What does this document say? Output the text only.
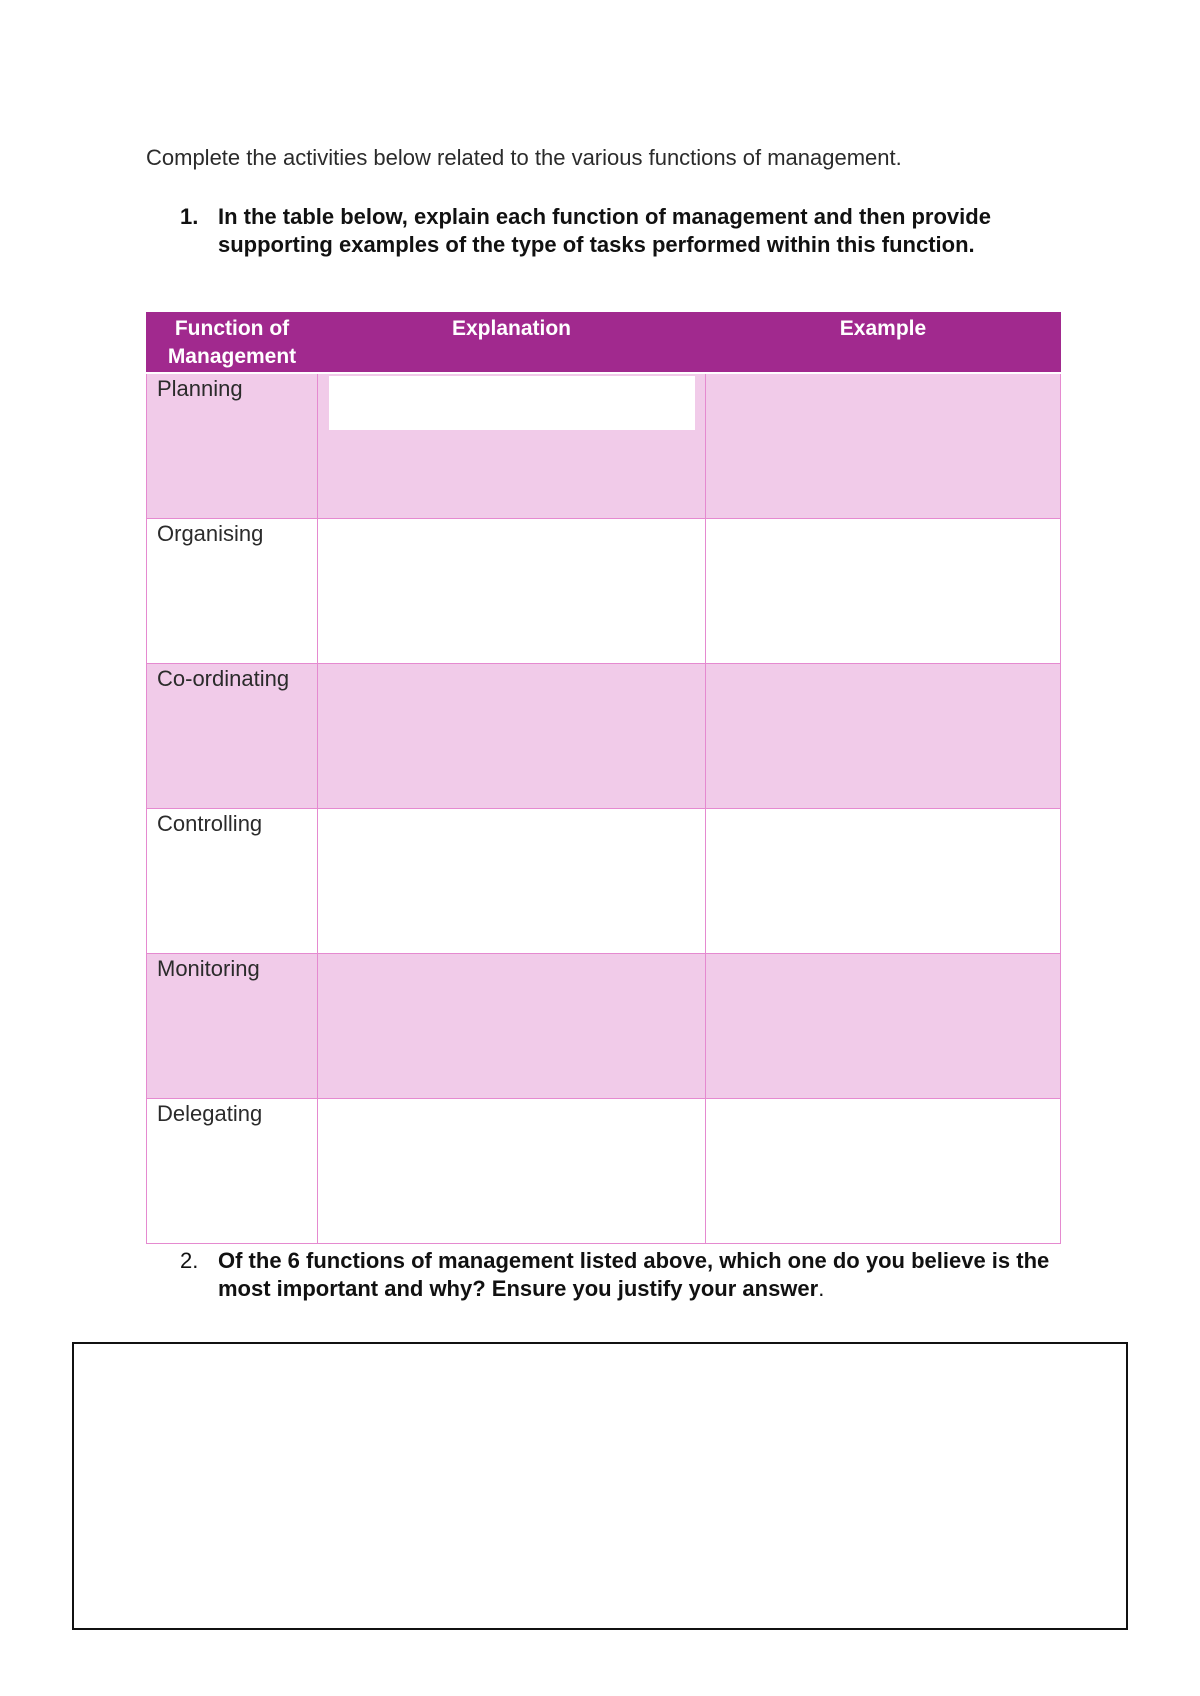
Complete the activities below related to the various functions of management.

1. In the table below, explain each function of management and then provide supporting examples of the type of tasks performed within this function.
Function of Management	Explanation	Example
Planning	

Organising		
Co-ordinating		
Controlling		
Monitoring		
Delegating		
2. Of the 6 functions of management listed above, which one do you believe is the most important and why? Ensure you justify your answer.
